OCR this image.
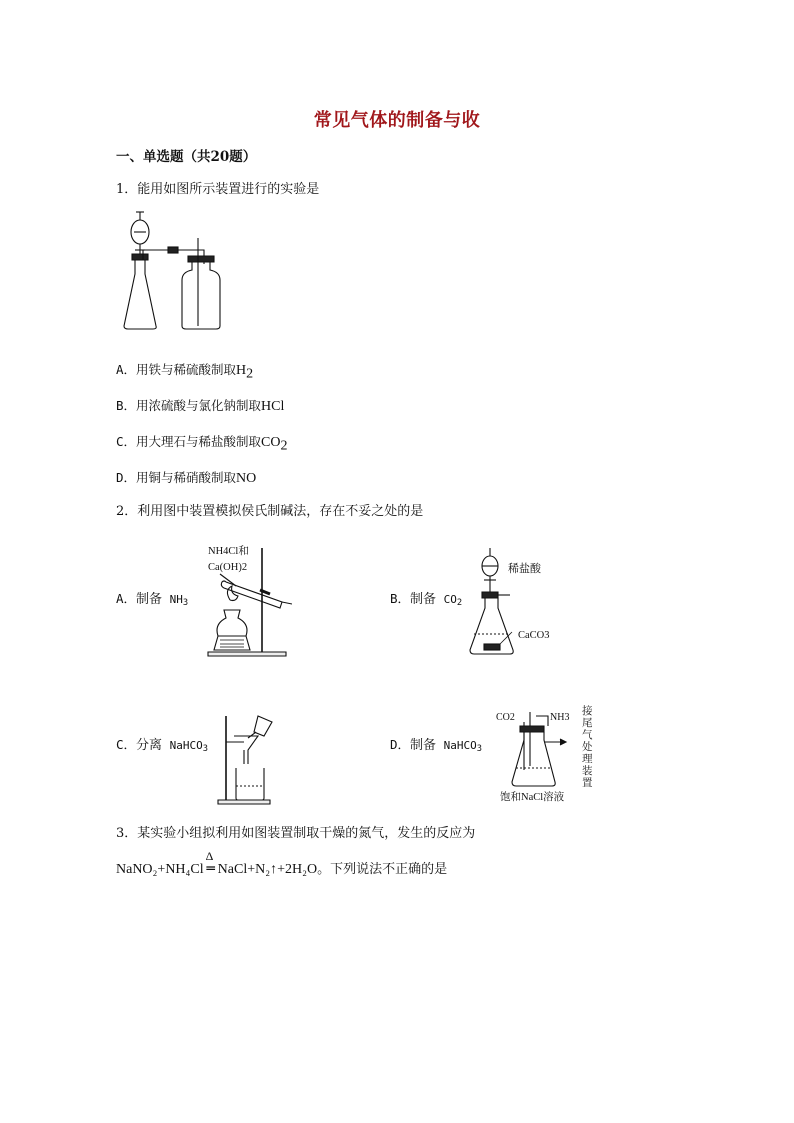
常见气体的制备与收
一、单选题（共20题）
1．能用如图所示装置进行的实验是
A．用铁与稀硫酸制取$H_2$
B．用浓硫酸与氯化钠制取HCl
C．用大理石与稀盐酸制取$CO_2$
D．用铜与稀硝酸制取NO
2．利用图中装置模拟侯氏制碱法，存在不妥之处的是
A．制备 $NH_3$
NH4Cl和
Ca(OH)2
B．制备 $CO_2$
稀盐酸
CaCO3
C．分离 NaHCO$_3$	D．制备 NaHCO$_3$
CO2	NH3
饱和NaCl溶液
接尾气处理装置
3．某实验小组拟利用如图装置制取干燥的氮气，发生的反应为
NaNO₂+NH₄Cl
Δ
═ NaCl+N₂↑+2H₂O。下列说法不正确的是
